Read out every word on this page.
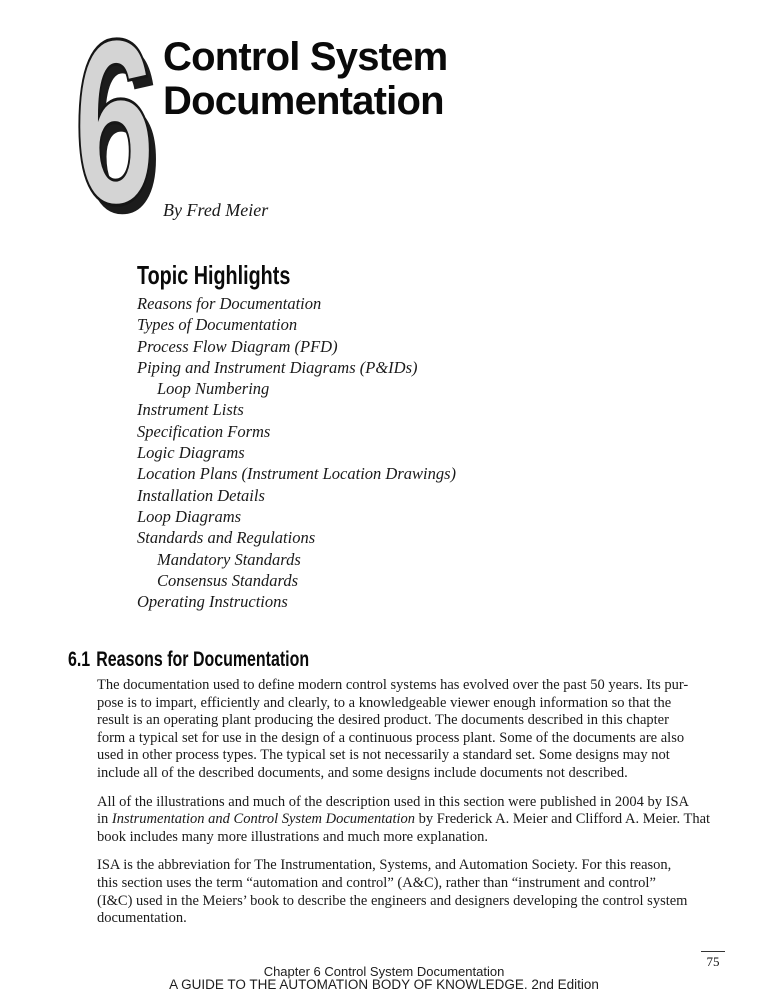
6 Control System
Documentation
By Fred Meier
Topic Highlights
Reasons for Documentation
Types of Documentation
Process Flow Diagram (PFD)
Piping and Instrument Diagrams (P&IDs)
Loop Numbering
Instrument Lists
Specification Forms
Logic Diagrams
Location Plans (Instrument Location Drawings)
Installation Details
Loop Diagrams
Standards and Regulations
Mandatory Standards
Consensus Standards
Operating Instructions
6.1 Reasons for Documentation
The documentation used to define modern control systems has evolved over the past 50 years. Its pur-
pose is to impart, efficiently and clearly, to a knowledgeable viewer enough information so that the
result is an operating plant producing the desired product. The documents described in this chapter
form a typical set for use in the design of a continuous process plant. Some of the documents are also
used in other process types. The typical set is not necessarily a standard set. Some designs may not
include all of the described documents, and some designs include documents not described.
All of the illustrations and much of the description used in this section were published in 2004 by ISA
in Instrumentation and Control System Documentation by Frederick A. Meier and Clifford A. Meier. That
book includes many more illustrations and much more explanation.
ISA is the abbreviation for The Instrumentation, Systems, and Automation Society. For this reason,
this section uses the term “automation and control” (A&C), rather than “instrument and control”
(I&C) used in the Meiers’ book to describe the engineers and designers developing the control system
documentation.
75
Chapter 6 Control System Documentation
A GUIDE TO THE AUTOMATION BODY OF KNOWLEDGE. 2nd Edition
